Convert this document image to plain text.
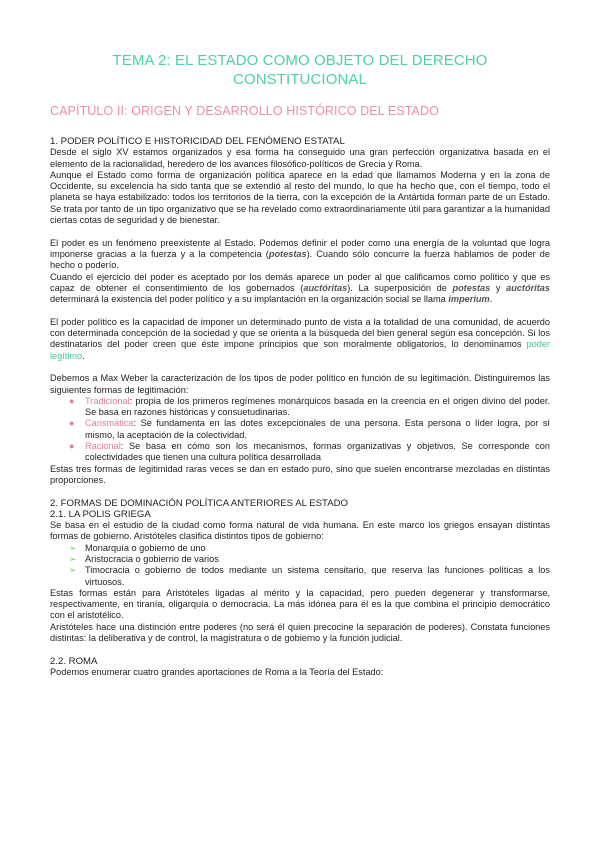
TEMA 2: EL ESTADO COMO OBJETO DEL DERECHO CONSTITUCIONAL
CAPÍTULO II: ORIGEN Y DESARROLLO HISTÓRICO DEL ESTADO

1. PODER POLÍTICO E HISTORICIDAD DEL FENÓMENO ESTATAL

Desde el siglo XV estamos organizados y esa forma ha conseguido una gran perfección organizativa basada en el elemento de la racionalidad, heredero de los avances filosófico-políticos de Grecia y Roma.

Aunque el Estado como forma de organización política aparece en la edad que llamamos Moderna y en la zona de Occidente, su excelencia ha sido tanta que se extendió al resto del mundo, lo que ha hecho que, con el tiempo, todo el planeta se haya estabilizado: todos los territorios de la tierra, con la excepción de la Antártida forman parte de un Estado. Se trata por tanto de un tipo organizativo que se ha revelado como extraordinariamente útil para garantizar a la humanidad ciertas cotas de seguridad y de bienestar.

El poder es un fenómeno preexistente al Estado. Podemos definir el poder como una energía de la voluntad que logra imponerse gracias a la fuerza y a la competencia (potestas). Cuando sólo concurre la fuerza hablamos de poder de hecho o poderío.

Cuando el ejercicio del poder es aceptado por los demás aparece un poder al que calificamos como político y que es capaz de obtener el consentimiento de los gobernados (auctóritas). La superposición de potestas y auctóritas determinará la existencia del poder político y a su implantación en la organización social se llama imperium.

El poder político es la capacidad de imponer un determinado punto de vista a la totalidad de una comunidad, de acuerdo con determinada concepción de la sociedad y que se orienta a la búsqueda del bien general según esa concepción. Si los destinatarios del poder creen que éste impone principios que son moralmente obligatorios, lo denominamos poder legítimo.

Debemos a Max Weber la caracterización de los tipos de poder político en función de su legitimación. Distinguiremos las siguientes formas de legitimación:

● Tradicional: propia de los primeros regímenes monárquicos basada en la creencia en el origen divino del poder. Se basa en razones históricas y consuetudinarias.
● Carismática: Se fundamenta en las dotes excepcionales de una persona. Esta persona o líder logra, por sí mismo, la aceptación de la colectividad.
● Racional: Se basa en cómo son los mecanismos, formas organizativas y objetivos. Se corresponde con colectividades que tienen una cultura política desarrollada

Estas tres formas de legitimidad raras veces se dan en estado puro, sino que suelen encontrarse mezcladas en distintas proporciones.

2. FORMAS DE DOMINACIÓN POLÍTICA ANTERIORES AL ESTADO

2.1. LA POLIS GRIEGA

Se basa en el estudio de la ciudad como forma natural de vida humana. En este marco los griegos ensayan distintas formas de gobierno. Aristóteles clasifica distintos tipos de gobierno:

➢ Monarquía o gobierno de uno
➢ Aristocracia o gobierno de varios
➢ Timocracia o gobierno de todos mediante un sistema censitario, que reserva las funciones políticas a los virtuosos.

Estas formas están para Aristóteles ligadas al mérito y la capacidad, pero pueden degenerar y transformarse, respectivamente, en tiranía, oligarquía o democracia. La más idónea para él es la que combina el principio democrático con el aristotélico.

Aristóteles hace una distinción entre poderes (no será él quien precocine la separación de poderes). Constata funciones distintas: la deliberativa y de control, la magistratura o de gobierno y la función judicial.

2.2. ROMA

Podemos enumerar cuatro grandes aportaciones de Roma a la Teoría del Estado:
